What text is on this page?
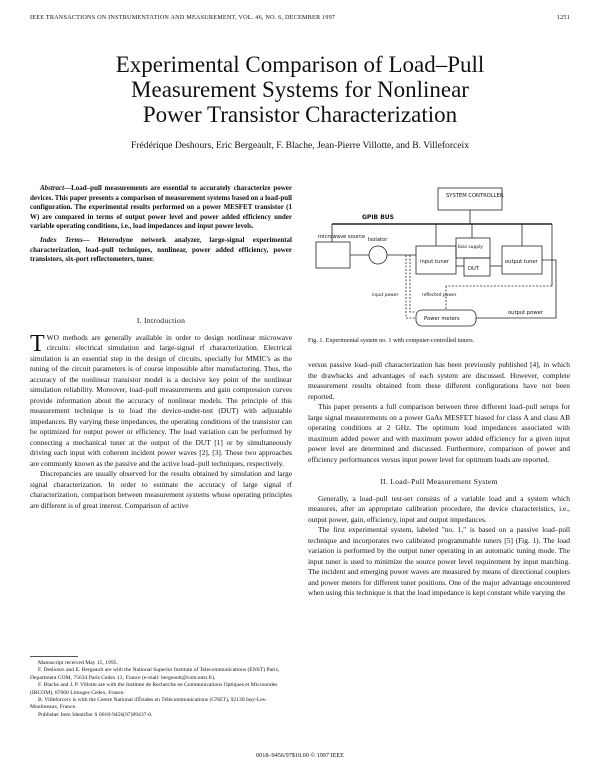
IEEE TRANSACTIONS ON INSTRUMENTATION AND MEASUREMENT, VOL. 46, NO. 6, DECEMBER 1997	1251
Experimental Comparison of Load–Pull
Measurement Systems for Nonlinear
Power Transistor Characterization
Frédérique Deshours, Eric Bergeault, F. Blache, Jean-Pierre Villotte, and B. Villeforceix

Abstract—Load–pull measurements are essential to accurately characterize power devices. This paper presents a comparison of measurement systems based on a load-pull configuration. The experimental results performed on a power MESFET transistor (1 W) are compared in terms of output power level and power added efficiency under variable operating conditions, i.e., load impedances and input power levels.

Index Terms— Heterodyne network analyzer, large-signal experimental characterization, load–pull techniques, nonlinear, power added efficiency, power transistors, six-port reflectometers, tuner.

I. Introduction

TWO methods are generally available in order to design nonlinear microwave circuits: electrical simulation and large-signal rf characterization. Electrical simulation is an essential step in the design of circuits, specially for MMIC's as the tuning of the circuit parameters is of course impossible after manufacturing. Thus, the accuracy of the nonlinear transistor model is a decisive key point of the nonlinear simulation reliability. Moreover, load–pull measurements and gain compression curves provide information about the accuracy of nonlinear models. The principle of this measurement technique is to load the device-under-test (DUT) with adjustable impedances. By varying these impedances, the operating conditions of the transistor can be optimized for output power or efficiency. The load variation can be performed by connecting a mechanical tuner at the output of the DUT [1] or by simultaneously driving each input with coherent incident power waves [2], [3]. These two approaches are commonly known as the passive and the active load–pull techniques, respectively.

Discrepancies are usually observed for the results obtained by simulation and large signal characterization. In order to estimate the accuracy of large signal rf characterization, comparison between measurement systems whose operating principles are different is of great interest. Comparison of active

Manuscript received May 15, 1995.

F. Deshours and E. Bergeault are with the National Superior Institute of Telecommunications (ENST) Paris, Department COM, 75634 Paris Cedex 13, France (e-mail: bergeault@com.enst.fr).

F. Blache and J. P. Villotte are with the Institute de Recherche en Communications Optiques et Microondes (IRCOM), 87060 Limoges Cedex, France.

B. Villeforceix is with the Centre National d'Études en Télécommunications (CNET), 92130 Issy-Les-Moulineaux, France.

Publisher Item Identifier S 0018-9456(97)09437-0.

SYSTEM CONTROLLER
GPIB BUS
microwave source Isolator
input tuner
bias supply
DUT
output tuner
input power	reflected power
Power meters
output power
Fig. 1. Experimental system no. 1 with computer-controlled tuners.

versus passive load–pull characterization has been previously published [4], in which the drawbacks and advantages of each system are discussed. However, complete measurement results obtained from these different configurations have not been reported.

This paper presents a full comparison between three different load–pull setups for large signal measurements on a power GaAs MESFET biased for class A and class AB operating conditions at 2 GHz. The optimum load impedances associated with maximum added power and with maximum power added efficiency for a given input power level are determined and discussed. Furthermore, comparison of power and efficiency performances versus input power level for optimum loads are reported.

II. Load–Pull Measurement System

Generally, a load–pull test-set consists of a variable load and a system which measures, after an appropriate calibration procedure, the device characteristics, i.e., output power, gain, efficiency, input and output impedances.

The first experimental system, labeled "no. 1," is based on a passive load–pull technique and incorporates two calibrated programmable tuners [5] (Fig. 1). The load variation is performed by the output tuner operating in an automatic tuning mode. The input tuner is used to minimize the source power level requirement by input matching. The incident and emerging power waves are measured by means of directional couplers and power meters for different tuner positions. One of the major advantage encountered when using this technique is that the load impedance is kept constant while varying the

0018–9456/97$10.00 © 1997 IEEE
